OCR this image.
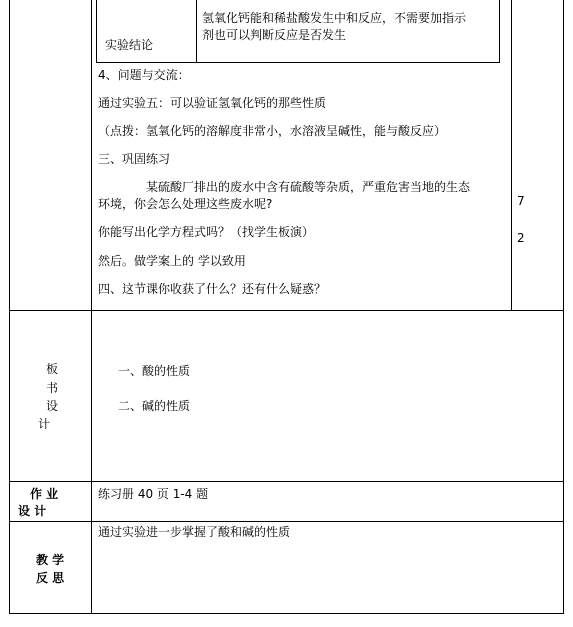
实验结论
氢氧化钙能和稀盐酸发生中和反应，不需要加指示
剂也可以判断反应是否发生
4、问题与交流：
通过实验五：可以验证氢氧化钙的那些性质
（点拨：氢氧化钙的溶解度非常小，水溶液呈碱性，能与酸反应）
三、巩固练习
某硫酸厂排出的废水中含有硫酸等杂质，严重危害当地的生态
环境，你会怎么处理这些废水呢?
你能写出化学方程式吗？（找学生板演）
然后。做学案上的 学以致用
四、这节课你收获了什么？还有什么疑惑？
7
2
板
书
设
计
一、酸的性质
二、碱的性质
作 业
设 计
练习册 40 页 1-4 题
教 学
反 思
通过实验进一步掌握了酸和碱的性质
